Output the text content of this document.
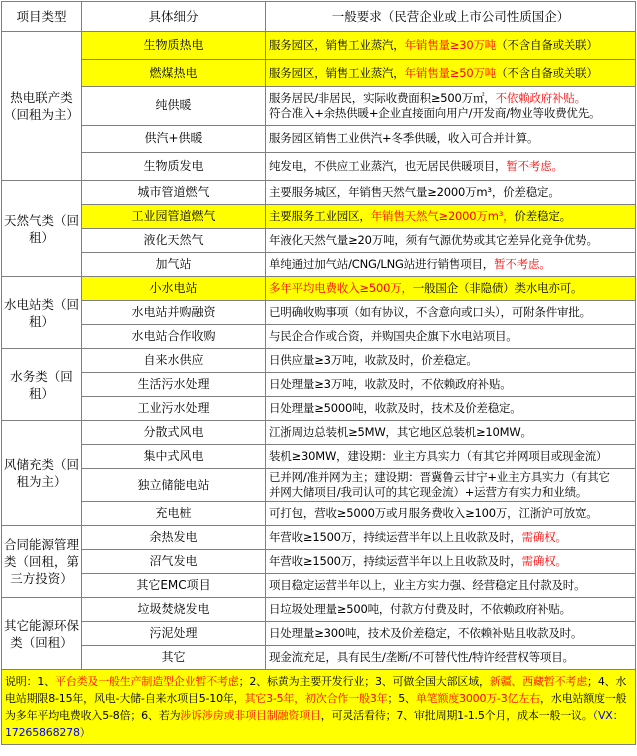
项目类型	具体细分	一般要求（民营企业或上市公司性质国企）
热电联产类（回租为主）	生物质热电	服务园区，销售工业蒸汽，年销售量≥30万吨（不含自备或关联）
	燃煤热电	服务园区，销售工业蒸汽，年销售量≥50万吨（不含自备或关联）
	纯供暖	服务居民/非居民，实际收费面积≥500万㎡，不依赖政府补贴。
符合准入+余热供暖+企业直接面向用户/开发商/物业等收费优先。
	供汽+供暖	服务园区销售工业供汽+冬季供暖，收入可合并计算。
	生物质发电	纯发电，不供应工业蒸汽，也无居民供暖项目，暂不考虑。
天然气类（回租）	城市管道燃气	主要服务城区，年销售天然气量≥2000万m³，价差稳定。
	工业园管道燃气	主要服务工业园区，年销售天然气≥2000万m³，价差稳定。
	液化天然气	年液化天然气量≥20万吨，须有气源优势或其它差异化竞争优势。
	加气站	单纯通过加气站/CNG/LNG站进行销售项目，暂不考虑。
水电站类（回租）	小水电站	多年平均电费收入≥500万，一般国企（非隐债）类水电亦可。
	水电站并购融资	已明确收购事项（如有协议，不含意向或口头），可附条件审批。
	水电站合作收购	与民企合作或合资，并购国央企旗下水电站项目。
水务类（回租）	自来水供应	日供应量≥3万吨，收款及时，价差稳定。
	生活污水处理	日处理量≥3万吨，收款及时，不依赖政府补贴。
	工业污水处理	日处理量≥5000吨，收款及时，技术及价差稳定。
风储充类（回租为主）	分散式风电	江浙周边总装机≥5MW，其它地区总装机≥10MW。
	集中式风电	装机≥30MW，建设期：业主方具实力（有其它并网项目或现金流）
	独立储能电站	已并网/准并网为主；建设期：晋冀鲁云甘宁+业主方具实力（有其它
并网大储项目/我司认可的其它现金流）+运营方有实力和业绩。
	充电桩	可打包，营收≥5000万或月服务费收入≥100万，江浙沪可放宽。
合同能源管理类（回租，第三方投资）	余热发电	年营收≥1500万，持续运营半年以上且收款及时，需确权。
	沼气发电	年营收≥1500万，持续运营半年以上且收款及时，需确权。
	其它EMC项目	项目稳定运营半年以上，业主方实力强、经营稳定且付款及时。
其它能源环保类（回租）	垃圾焚烧发电	日垃圾处理量≥500吨，付款方付费及时，不依赖政府补贴。
	污泥处理	日处理量≥300吨，技术及价差稳定，不依赖补贴且收款及时。
	其它	现金流充足，具有民生/垄断/不可替代性/特许经营权等项目。
说明：1、平台类及一般生产制造型企业暂不考虑；2、标黄为主要开发行业；3、可做全国大部区域，新疆、西藏暂不考虑；4、水电站期限8-15年，风电-大储-自来水项目5-10年，其它3-5年，初次合作一般3年；5、单笔额度3000万-3亿左右，水电站额度一般为多年平均电费收入5-8倍；6、若为涉诉涉房或非项目制融资项目，可灵活看待；7、审批周期1-1.5个月，成本一般一议。（VX：17265868278）		
